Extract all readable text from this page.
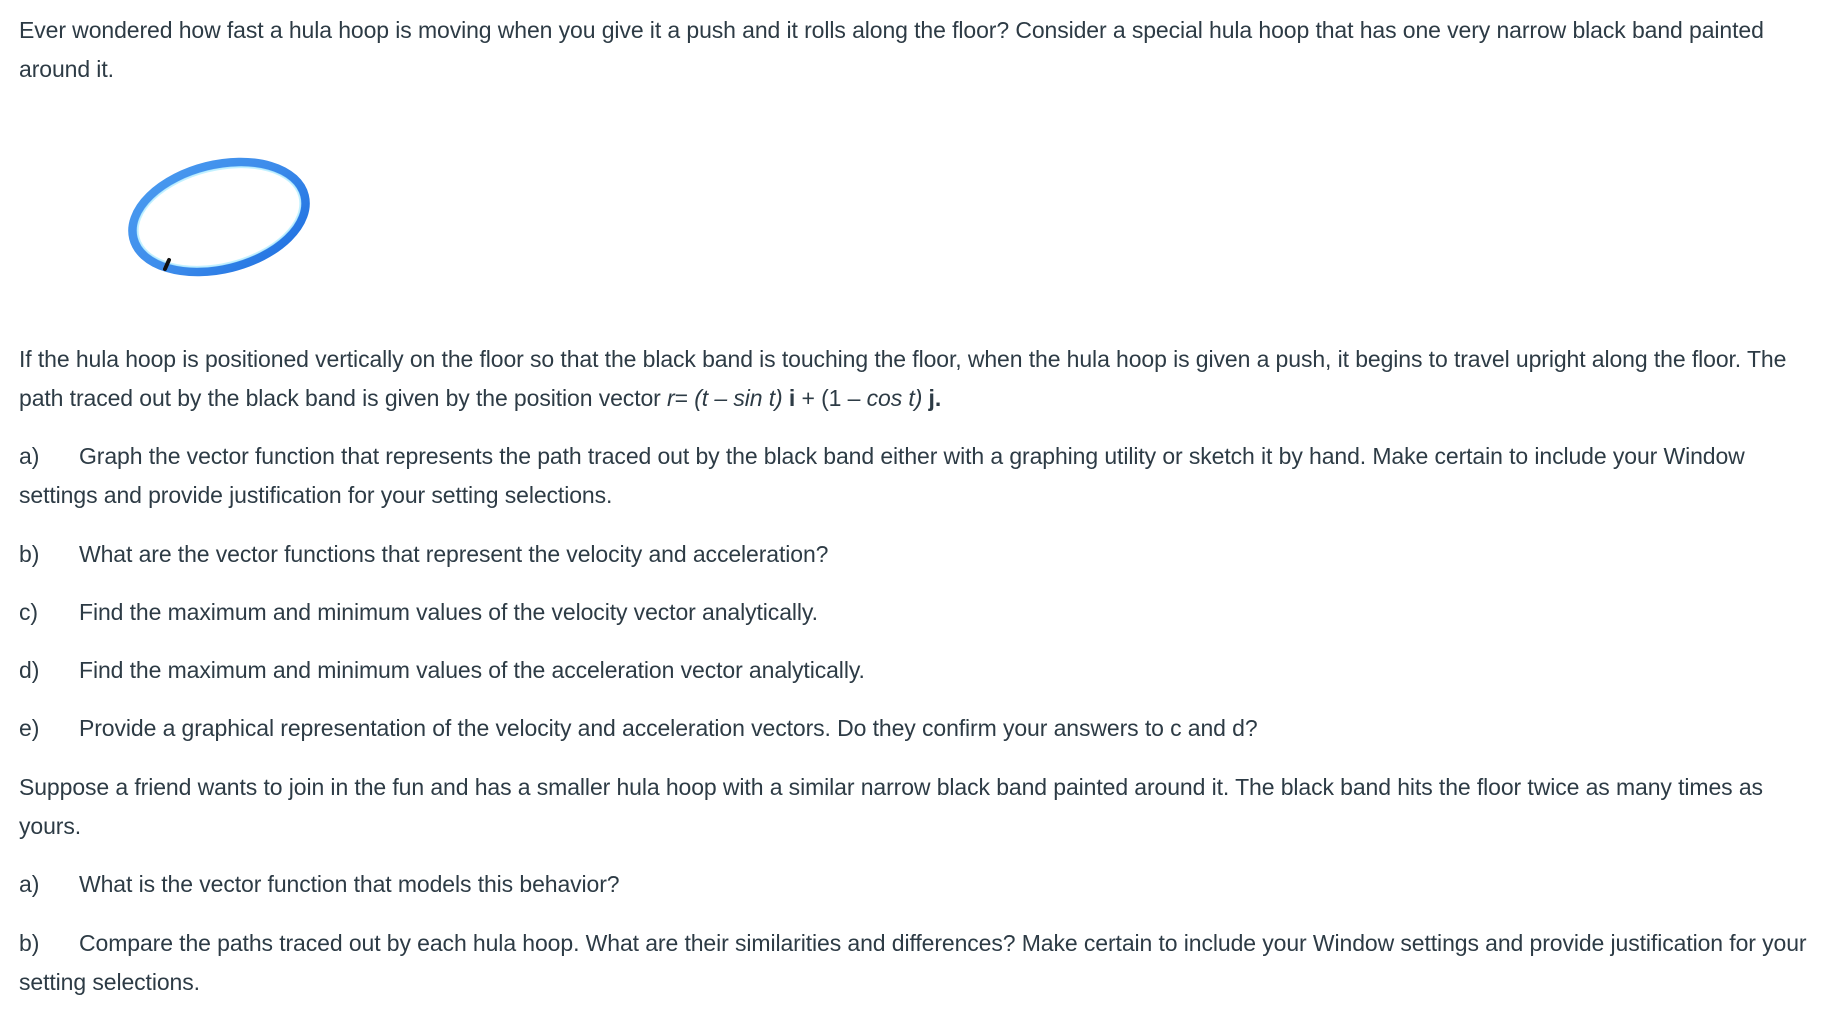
Ever wondered how fast a hula hoop is moving when you give it a push and it rolls along the floor? Consider a special hula hoop that has one very narrow black band painted around it.

If the hula hoop is positioned vertically on the floor so that the black band is touching the floor, when the hula hoop is given a push, it begins to travel upright along the floor. The path traced out by the black band is given by the position vector r= (t – sin t) i + (1 – cos t) j.

a) Graph the vector function that represents the path traced out by the black band either with a graphing utility or sketch it by hand. Make certain to include your Window settings and provide justification for your setting selections.

b) What are the vector functions that represent the velocity and acceleration?

c) Find the maximum and minimum values of the velocity vector analytically.

d) Find the maximum and minimum values of the acceleration vector analytically.

e) Provide a graphical representation of the velocity and acceleration vectors. Do they confirm your answers to c and d?

Suppose a friend wants to join in the fun and has a smaller hula hoop with a similar narrow black band painted around it. The black band hits the floor twice as many times as yours.

a) What is the vector function that models this behavior?

b) Compare the paths traced out by each hula hoop. What are their similarities and differences? Make certain to include your Window settings and provide justification for your setting selections.
